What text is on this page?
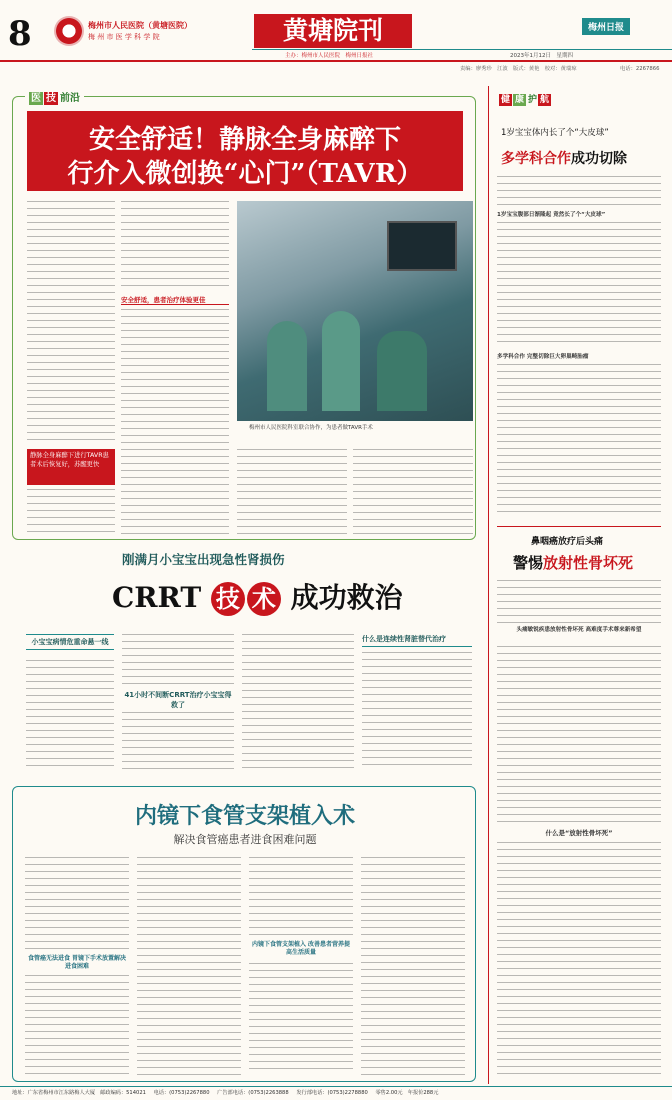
8	梅州市人民医院（黄塘医院）
梅 州 市 医 学 科 学 院	黄塘院刊	梅州日报
主办：梅州市人民医院　梅州日报社	2023年1月12日　星期四
责编：廖秀珍　江波　版式：黄艳　校对：黄瑞琼	电话：2267866
医 技 前沿
安全舒适！静脉全身麻醉下
行介入微创换“心门”（TAVR）
静脉全身麻醉下进行TAVR患者术后恢复好，苏醒更快
安全舒适，患者治疗体验更佳
梅州市人民医院科室联合协作，为患者做TAVR手术
刚满月小宝宝出现急性肾损伤
CRRT 技 术 成功救治
小宝宝病情危重命悬一线
41小时不间断CRRT治疗小宝宝得救了
什么是连续性肾脏替代治疗
内镜下食管支架植入术
解决食管癌患者进食困难问题
食管癌无法进食 胃镜下手术放置解决进食困难
内镜下食管支架植入 改善患者营养提高生活质量
健 康 护 航
1岁宝宝体内长了个“大皮球”
多学科合作成功切除
1岁宝宝腹部日渐隆起 竟然长了个“大皮球”
多学科合作 完整切除巨大卵巢畸胎瘤
鼻咽癌放疗后头痛
警惕放射性骨坏死
头痛敏锐疾患放射性骨坏死 高难度手术尊来新希望
什么是“放射性骨坏死”
地址：广东省梅州市江东路梅人大厦　邮政编码：514021 电话：(0753)2267880 广告部电话：(0753)2263888 发行部电话：(0753)2278880 零售2.00元　年报价288元
